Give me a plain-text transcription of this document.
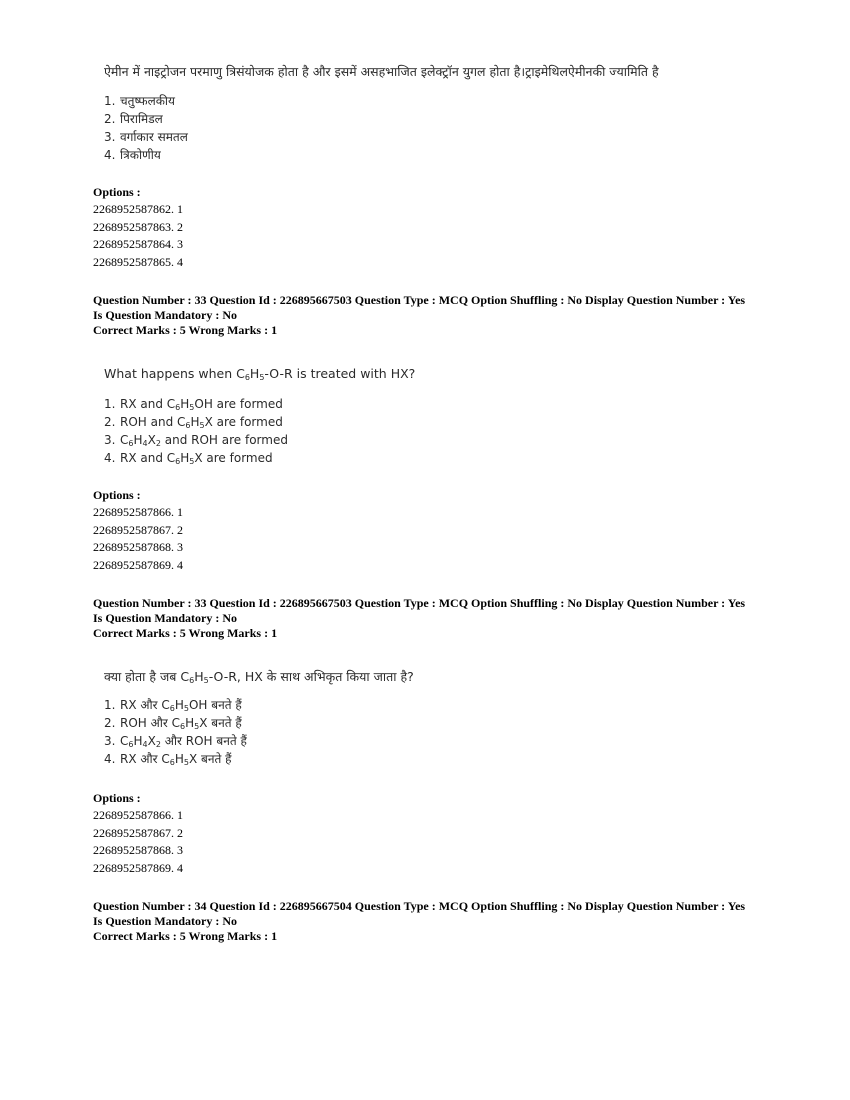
ऐमीन में नाइट्रोजन परमाणु त्रिसंयोजक होता है और इसमें असहभाजित इलेक्ट्रॉन युगल होता है।ट्राइमेथिलऐमीनकी ज्यामिति है
1. चतुष्फलकीय
2. पिरामिडल
3. वर्गाकार समतल
4. त्रिकोणीय
Options :
2268952587862. 1
2268952587863. 2
2268952587864. 3
2268952587865. 4
Question Number : 33 Question Id : 226895667503 Question Type : MCQ Option Shuffling : No Display Question Number : Yes Is Question Mandatory : No
Correct Marks : 5 Wrong Marks : 1
What happens when $C_6H_5-O-R$ is treated with HX?
1. RX and $C_6H_5OH$ are formed
2. ROH and $C_6H_5X$ are formed
3. $C_6H_4X_2$ and ROH are formed
4. RX and $C_6H_5X$ are formed
Options :
2268952587866. 1
2268952587867. 2
2268952587868. 3
2268952587869. 4
Question Number : 33 Question Id : 226895667503 Question Type : MCQ Option Shuffling : No Display Question Number : Yes Is Question Mandatory : No
Correct Marks : 5 Wrong Marks : 1
क्या होता है जब $C_6H_5-O-R$, HX के साथ अभिकृत किया जाता है?
1. RX और $C_6H_5OH$ बनते हैं
2. ROH और $C_6H_5X$ बनते हैं
3. $C_6H_4X_2$ और ROH बनते हैं
4. RX और $C_6H_5X$ बनते हैं
Options :
2268952587866. 1
2268952587867. 2
2268952587868. 3
2268952587869. 4
Question Number : 34 Question Id : 226895667504 Question Type : MCQ Option Shuffling : No Display Question Number : Yes Is Question Mandatory : No
Correct Marks : 5 Wrong Marks : 1
